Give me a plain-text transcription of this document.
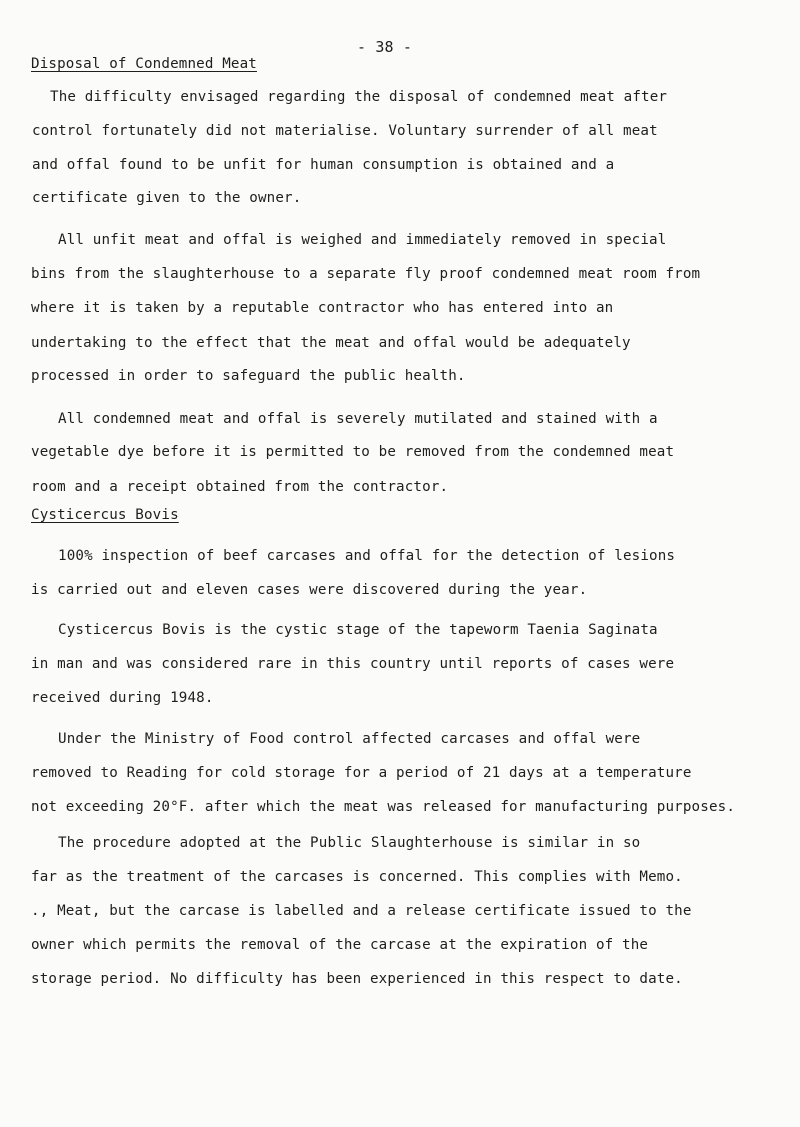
- 38 -
Disposal of Condemned Meat
The difficulty envisaged regarding the disposal of condemned meat after
control fortunately did not materialise. Voluntary surrender of all meat
and offal found to be unfit for human consumption is obtained and a
certificate given to the owner.
All unfit meat and offal is weighed and immediately removed in special
bins from the slaughterhouse to a separate fly proof condemned meat room from
where it is taken by a reputable contractor who has entered into an
undertaking to the effect that the meat and offal would be adequately
processed in order to safeguard the public health.
All condemned meat and offal is severely mutilated and stained with a
vegetable dye before it is permitted to be removed from the condemned meat
room and a receipt obtained from the contractor.
Cysticercus Bovis
100% inspection of beef carcases and offal for the detection of lesions
is carried out and eleven cases were discovered during the year.
Cysticercus Bovis is the cystic stage of the tapeworm Taenia Saginata
in man and was considered rare in this country until reports of cases were
received during 1948.
Under the Ministry of Food control affected carcases and offal were
removed to Reading for cold storage for a period of 21 days at a temperature
not exceeding 20°F. after which the meat was released for manufacturing purposes.
The procedure adopted at the Public Slaughterhouse is similar in so
far as the treatment of the carcases is concerned. This complies with Memo.
., Meat, but the carcase is labelled and a release certificate issued to the
owner which permits the removal of the carcase at the expiration of the
storage period. No difficulty has been experienced in this respect to date.
